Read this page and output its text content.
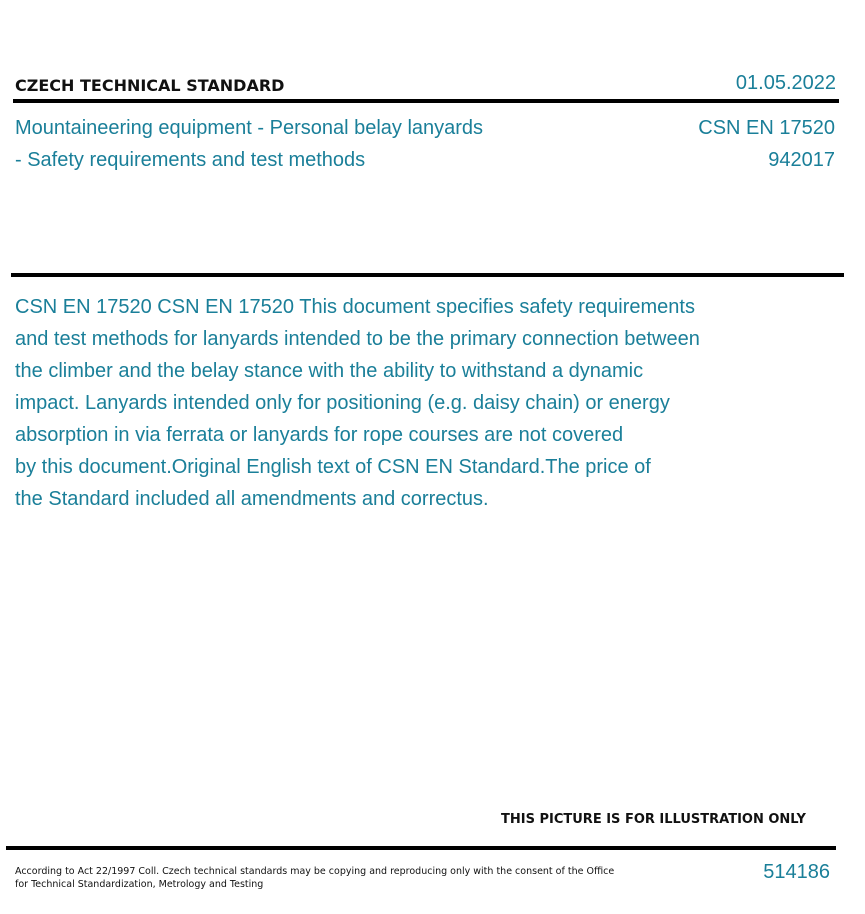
CZECH TECHNICAL STANDARD	01.05.2022
Mountaineering equipment - Personal belay lanyards
- Safety requirements and test methods
CSN EN 17520
942017
CSN EN 17520 CSN EN 17520 This document specifies safety requirements
and test methods for lanyards intended to be the primary connection between
the climber and the belay stance with the ability to withstand a dynamic
impact. Lanyards intended only for positioning (e.g. daisy chain) or energy
absorption in via ferrata or lanyards for rope courses are not covered
by this document.Original English text of CSN EN Standard.The price of
the Standard included all amendments and correctus.
THIS PICTURE IS FOR ILLUSTRATION ONLY
According to Act 22/1997 Coll. Czech technical standards may be copying and reproducing only with the consent of the Office
for Technical Standardization, Metrology and Testing
514186
